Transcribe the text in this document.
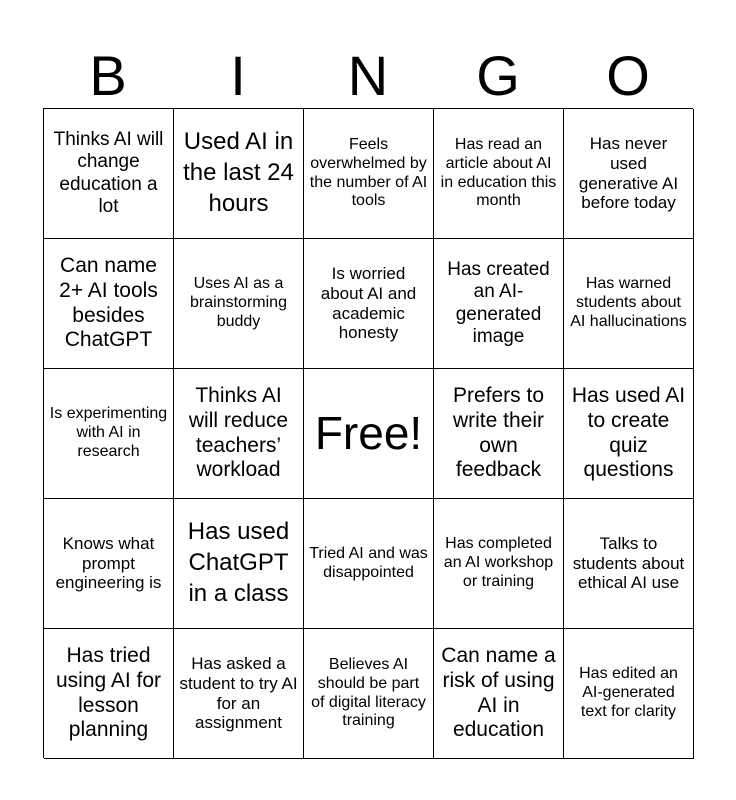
B	I	N	G	O
Thinks AI will change education a lot
Used AI in the last 24 hours
Feels overwhelmed by the number of AI tools
Has read an article about AI in education this month
Has never used generative AI before today
Can name 2+ AI tools besides ChatGPT
Uses AI as a brainstorming buddy
Is worried about AI and academic honesty
Has created an AI-generated image
Has warned students about AI hallucinations
Is experimenting with AI in research
Thinks AI will reduce teachers’ workload
Free!
Prefers to write their own feedback
Has used AI to create quiz questions
Knows what prompt engineering is
Has used ChatGPT in a class
Tried AI and was disappointed
Has completed an AI workshop or training
Talks to students about ethical AI use
Has tried using AI for lesson planning
Has asked a student to try AI for an assignment
Believes AI should be part of digital literacy training
Can name a risk of using AI in education
Has edited an AI-generated text for clarity
